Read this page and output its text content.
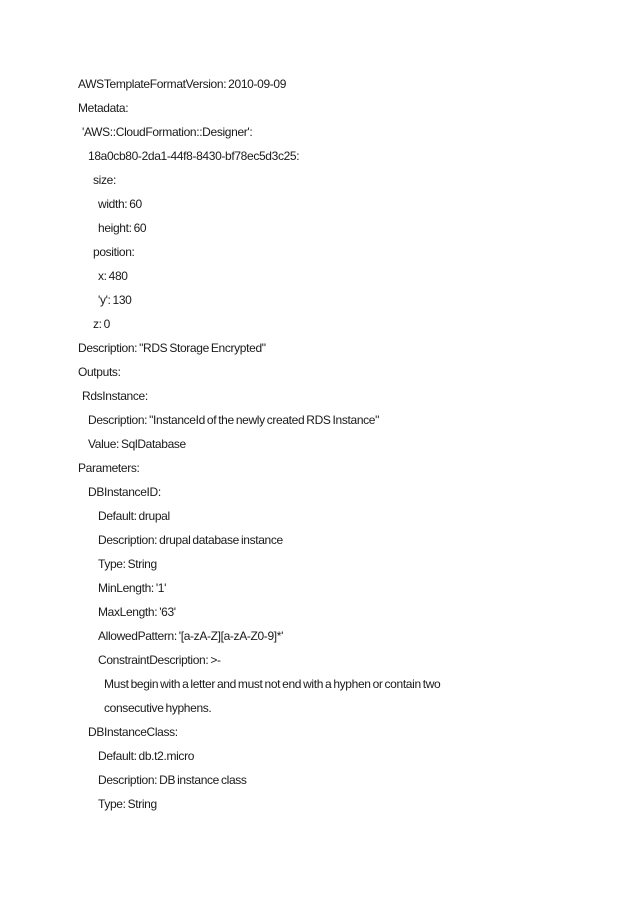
AWSTemplateFormatVersion: 2010-09-09
Metadata:
'AWS::CloudFormation::Designer':
18a0cb80-2da1-44f8-8430-bf78ec5d3c25:
size:
width: 60
height: 60
position:
x: 480
'y': 130
z: 0
Description: "RDS Storage Encrypted"
Outputs:
RdsInstance:
Description: "InstanceId of the newly created RDS Instance"
Value: SqlDatabase
Parameters:
DBInstanceID:
Default: drupal
Description: drupal database instance
Type: String
MinLength: '1'
MaxLength: '63'
AllowedPattern: '[a-zA-Z][a-zA-Z0-9]*'
ConstraintDescription: >-
Must begin with a letter and must not end with a hyphen or contain two
consecutive hyphens.
DBInstanceClass:
Default: db.t2.micro
Description: DB instance class
Type: String
